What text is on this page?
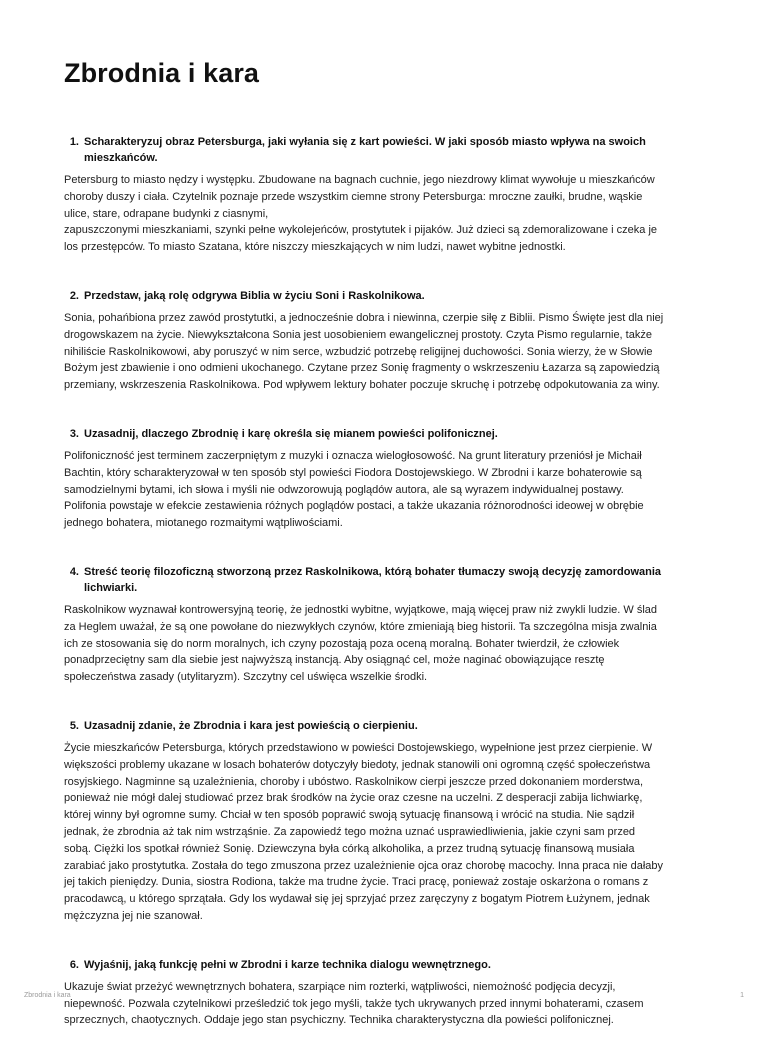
Zbrodnia i kara
1. Scharakteryzuj obraz Petersburga, jaki wyłania się z kart powieści. W jaki sposób miasto wpływa na swoich mieszkańców.

Petersburg to miasto nędzy i występku. Zbudowane na bagnach cuchnie, jego niezdrowy klimat wywołuje u mieszkańców

choroby duszy i ciała. Czytelnik poznaje przede wszystkim ciemne strony Petersburga: mroczne zaułki, brudne, wąskie

ulice, stare, odrapane budynki z ciasnymi,

zapuszczonymi mieszkaniami, szynki pełne wykolejeńców, prostytutek i pijaków. Już dzieci są zdemoralizowane i czeka je

los przestępców. To miasto Szatana, które niszczy mieszkających w nim ludzi, nawet wybitne jednostki.

2. Przedstaw, jaką rolę odgrywa Biblia w życiu Soni i Raskolnikowa.

Sonia, pohańbiona przez zawód prostytutki, a jednocześnie dobra i niewinna, czerpie siłę z Biblii. Pismo Święte jest dla niej

drogowskazem na życie. Niewykształcona Sonia jest uosobieniem ewangelicznej prostoty. Czyta Pismo regularnie, także

nihiliście Raskolnikowowi, aby poruszyć w nim serce, wzbudzić potrzebę religijnej duchowości. Sonia wierzy, że w Słowie

Bożym jest zbawienie i ono odmieni ukochanego. Czytane przez Sonię fragmenty o wskrzeszeniu Łazarza są zapowiedzią

przemiany, wskrzeszenia Raskolnikowa. Pod wpływem lektury bohater poczuje skruchę i potrzebę odpokutowania za winy.

3. Uzasadnij, dlaczego Zbrodnię i karę określa się mianem powieści polifonicznej.

Polifoniczność jest terminem zaczerpniętym z muzyki i oznacza wielogłosowość. Na grunt literatury przeniósł je Michaił

Bachtin, który scharakteryzował w ten sposób styl powieści Fiodora Dostojewskiego. W Zbrodni i karze bohaterowie są

samodzielnymi bytami, ich słowa i myśli nie odwzorowują poglądów autora, ale są wyrazem indywidualnej postawy.

Polifonia powstaje w efekcie zestawienia różnych poglądów postaci, a także ukazania różnorodności ideowej w obrębie

jednego bohatera, miotanego rozmaitymi wątpliwościami.

4. Streść teorię filozoficzną stworzoną przez Raskolnikowa, którą bohater tłumaczy swoją decyzję zamordowania lichwiarki.

Raskolnikow wyznawał kontrowersyjną teorię, że jednostki wybitne, wyjątkowe, mają więcej praw niż zwykli ludzie. W ślad

za Heglem uważał, że są one powołane do niezwykłych czynów, które zmieniają bieg historii. Ta szczególna misja zwalnia

ich ze stosowania się do norm moralnych, ich czyny pozostają poza oceną moralną. Bohater twierdził, że człowiek

ponadprzeciętny sam dla siebie jest najwyższą instancją. Aby osiągnąć cel, może naginać obowiązujące resztę

społeczeństwa zasady (utylitaryzm). Szczytny cel uświęca wszelkie środki.

5. Uzasadnij zdanie, że Zbrodnia i kara jest powieścią o cierpieniu.

Życie mieszkańców Petersburga, których przedstawiono w powieści Dostojewskiego, wypełnione jest przez cierpienie. W

większości problemy ukazane w losach bohaterów dotyczyły biedoty, jednak stanowili oni ogromną część społeczeństwa

rosyjskiego. Nagminne są uzależnienia, choroby i ubóstwo. Raskolnikow cierpi jeszcze przed dokonaniem morderstwa,

ponieważ nie mógł dalej studiować przez brak środków na życie oraz czesne na uczelni. Z desperacji zabija lichwiarkę,

której winny był ogromne sumy. Chciał w ten sposób poprawić swoją sytuację finansową i wrócić na studia. Nie sądził

jednak, że zbrodnia aż tak nim wstrząśnie. Za zapowiedź tego można uznać usprawiedliwienia, jakie czyni sam przed

sobą. Ciężki los spotkał również Sonię. Dziewczyna była córką alkoholika, a przez trudną sytuację finansową musiała

zarabiać jako prostytutka. Została do tego zmuszona przez uzależnienie ojca oraz chorobę macochy. Inna praca nie dałaby

jej takich pieniędzy. Dunia, siostra Rodiona, także ma trudne życie. Traci pracę, ponieważ zostaje oskarżona o romans z

pracodawcą, u którego sprzątała. Gdy los wydawał się jej sprzyjać przez zaręczyny z bogatym Piotrem Łużynem, jednak

mężczyzna jej nie szanował.

6. Wyjaśnij, jaką funkcję pełni w Zbrodni i karze technika dialogu wewnętrznego.

Ukazuje świat przeżyć wewnętrznych bohatera, szarpiące nim rozterki, wątpliwości, niemożność podjęcia decyzji,

niepewność. Pozwala czytelnikowi prześledzić tok jego myśli, także tych ukrywanych przed innymi bohaterami, czasem

sprzecznych, chaotycznych. Oddaje jego stan psychiczny. Technika charakterystyczna dla powieści polifonicznej.

Zbrodnia i kara	1
